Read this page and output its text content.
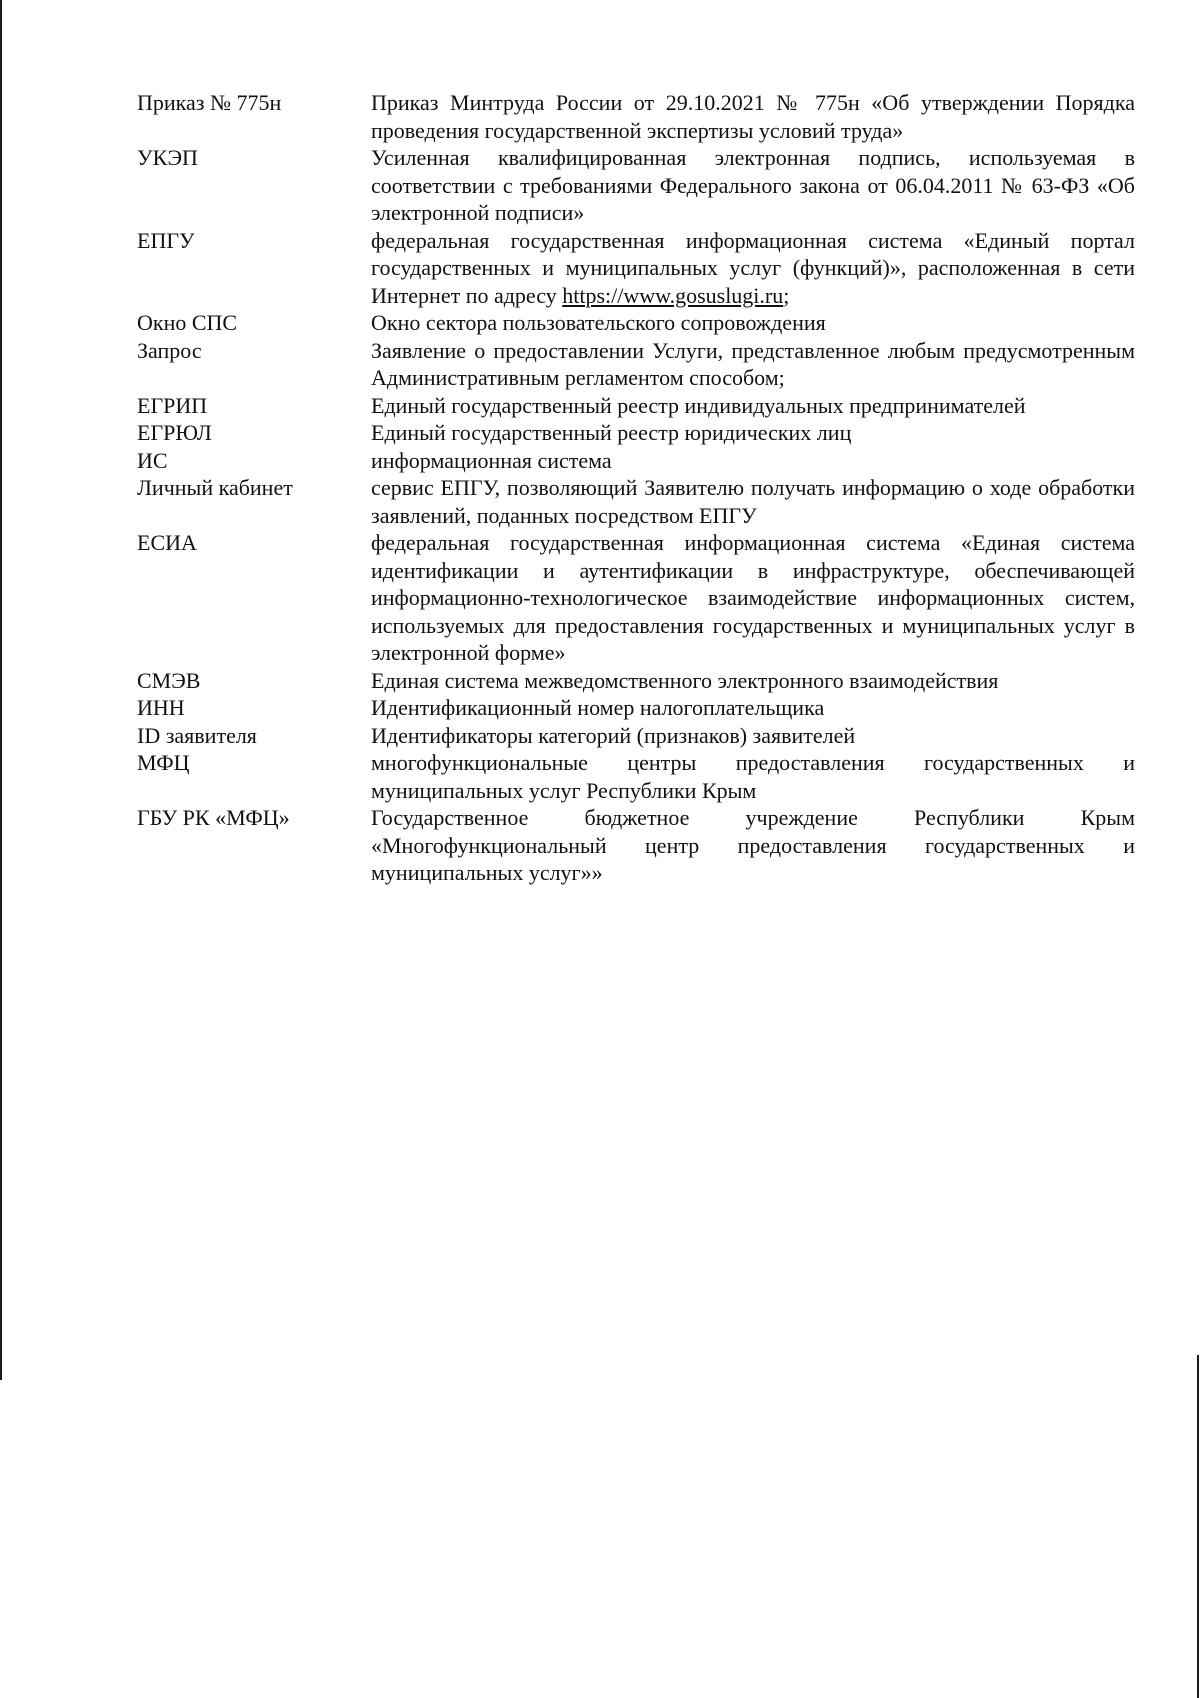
Приказ № 775н	Приказ Минтруда России от 29.10.2021 № 775н «Об утверждении Порядка проведения государственной экспертизы условий труда»
УКЭП	Усиленная квалифицированная электронная подпись, используемая в соответствии с требованиями Федерального закона от 06.04.2011 № 63-ФЗ «Об электронной подписи»
ЕПГУ	федеральная государственная информационная система «Единый портал государственных и муниципальных услуг (функций)», расположенная в сети Интернет по адресу https://www.gosuslugi.ru;
Окно СПС	Окно сектора пользовательского сопровождения
Запрос	Заявление о предоставлении Услуги, представленное любым предусмотренным Административным регламентом способом;
ЕГРИП	Единый государственный реестр индивидуальных предпринимателей
ЕГРЮЛ	Единый государственный реестр юридических лиц
ИС	информационная система
Личный кабинет	сервис ЕПГУ, позволяющий Заявителю получать информацию о ходе обработки заявлений, поданных посредством ЕПГУ
ЕСИА	федеральная государственная информационная система «Единая система идентификации и аутентификации в инфраструктуре, обеспечивающей информационно-технологическое взаимодействие информационных систем, используемых для предоставления государственных и муниципальных услуг в электронной форме»
СМЭВ	Единая система межведомственного электронного взаимодействия
ИНН	Идентификационный номер налогоплательщика
ID заявителя	Идентификаторы категорий (признаков) заявителей
МФЦ	многофункциональные центры предоставления государственных и муниципальных услуг Республики Крым
ГБУ РК «МФЦ»	Государственное бюджетное учреждение Республики Крым «Многофункциональный центр предоставления государственных и муниципальных услуг»»
